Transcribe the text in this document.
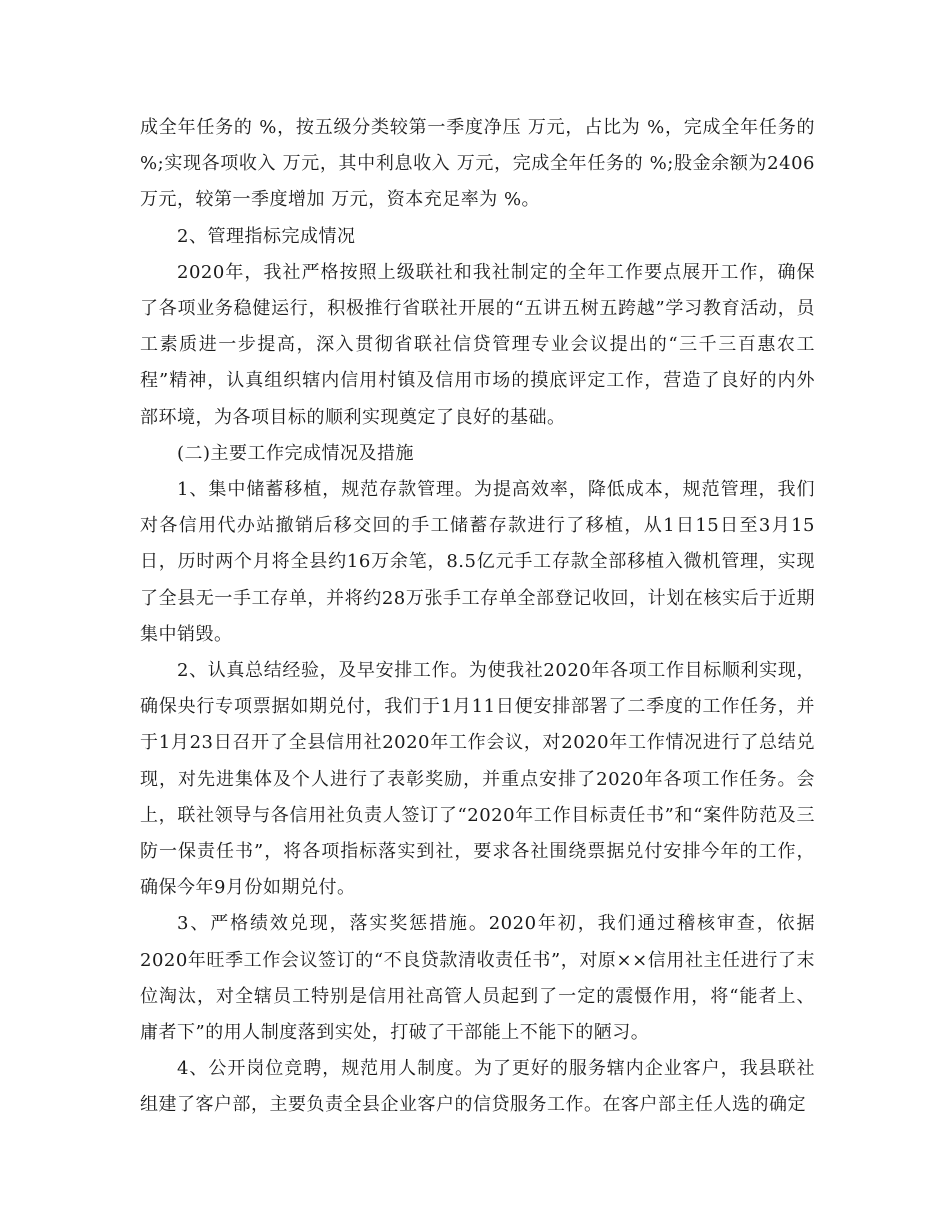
成全年任务的 %，按五级分类较第一季度净压 万元，占比为 %，完成全年任务的 %;实现各项收入 万元，其中利息收入 万元，完成全年任务的 %;股金余额为2406万元，较第一季度增加 万元，资本充足率为 %。

2、管理指标完成情况

2020年，我社严格按照上级联社和我社制定的全年工作要点展开工作，确保了各项业务稳健运行，积极推行省联社开展的“五讲五树五跨越”学习教育活动，员工素质进一步提高，深入贯彻省联社信贷管理专业会议提出的“三千三百惠农工程”精神，认真组织辖内信用村镇及信用市场的摸底评定工作，营造了良好的内外部环境，为各项目标的顺利实现奠定了良好的基础。

(二)主要工作完成情况及措施

1、集中储蓄移植，规范存款管理。为提高效率，降低成本，规范管理，我们对各信用代办站撤销后移交回的手工储蓄存款进行了移植，从1日15日至3月15日，历时两个月将全县约16万余笔，8.5亿元手工存款全部移植入微机管理，实现了全县无一手工存单，并将约28万张手工存单全部登记收回，计划在核实后于近期集中销毁。

2、认真总结经验，及早安排工作。为使我社2020年各项工作目标顺利实现，确保央行专项票据如期兑付，我们于1月11日便安排部署了二季度的工作任务，并于1月23日召开了全县信用社2020年工作会议，对2020年工作情况进行了总结兑现，对先进集体及个人进行了表彰奖励，并重点安排了2020年各项工作任务。会上，联社领导与各信用社负责人签订了“2020年工作目标责任书”和“案件防范及三防一保责任书”，将各项指标落实到社，要求各社围绕票据兑付安排今年的工作，确保今年9月份如期兑付。

3、严格绩效兑现，落实奖惩措施。2020年初，我们通过稽核审查，依据2020年旺季工作会议签订的“不良贷款清收责任书”，对原××信用社主任进行了末位淘汰，对全辖员工特别是信用社高管人员起到了一定的震慑作用，将“能者上、庸者下”的用人制度落到实处，打破了干部能上不能下的陋习。

4、公开岗位竞聘，规范用人制度。为了更好的服务辖内企业客户，我县联社组建了客户部，主要负责全县企业客户的信贷服务工作。在客户部主任人选的确定
